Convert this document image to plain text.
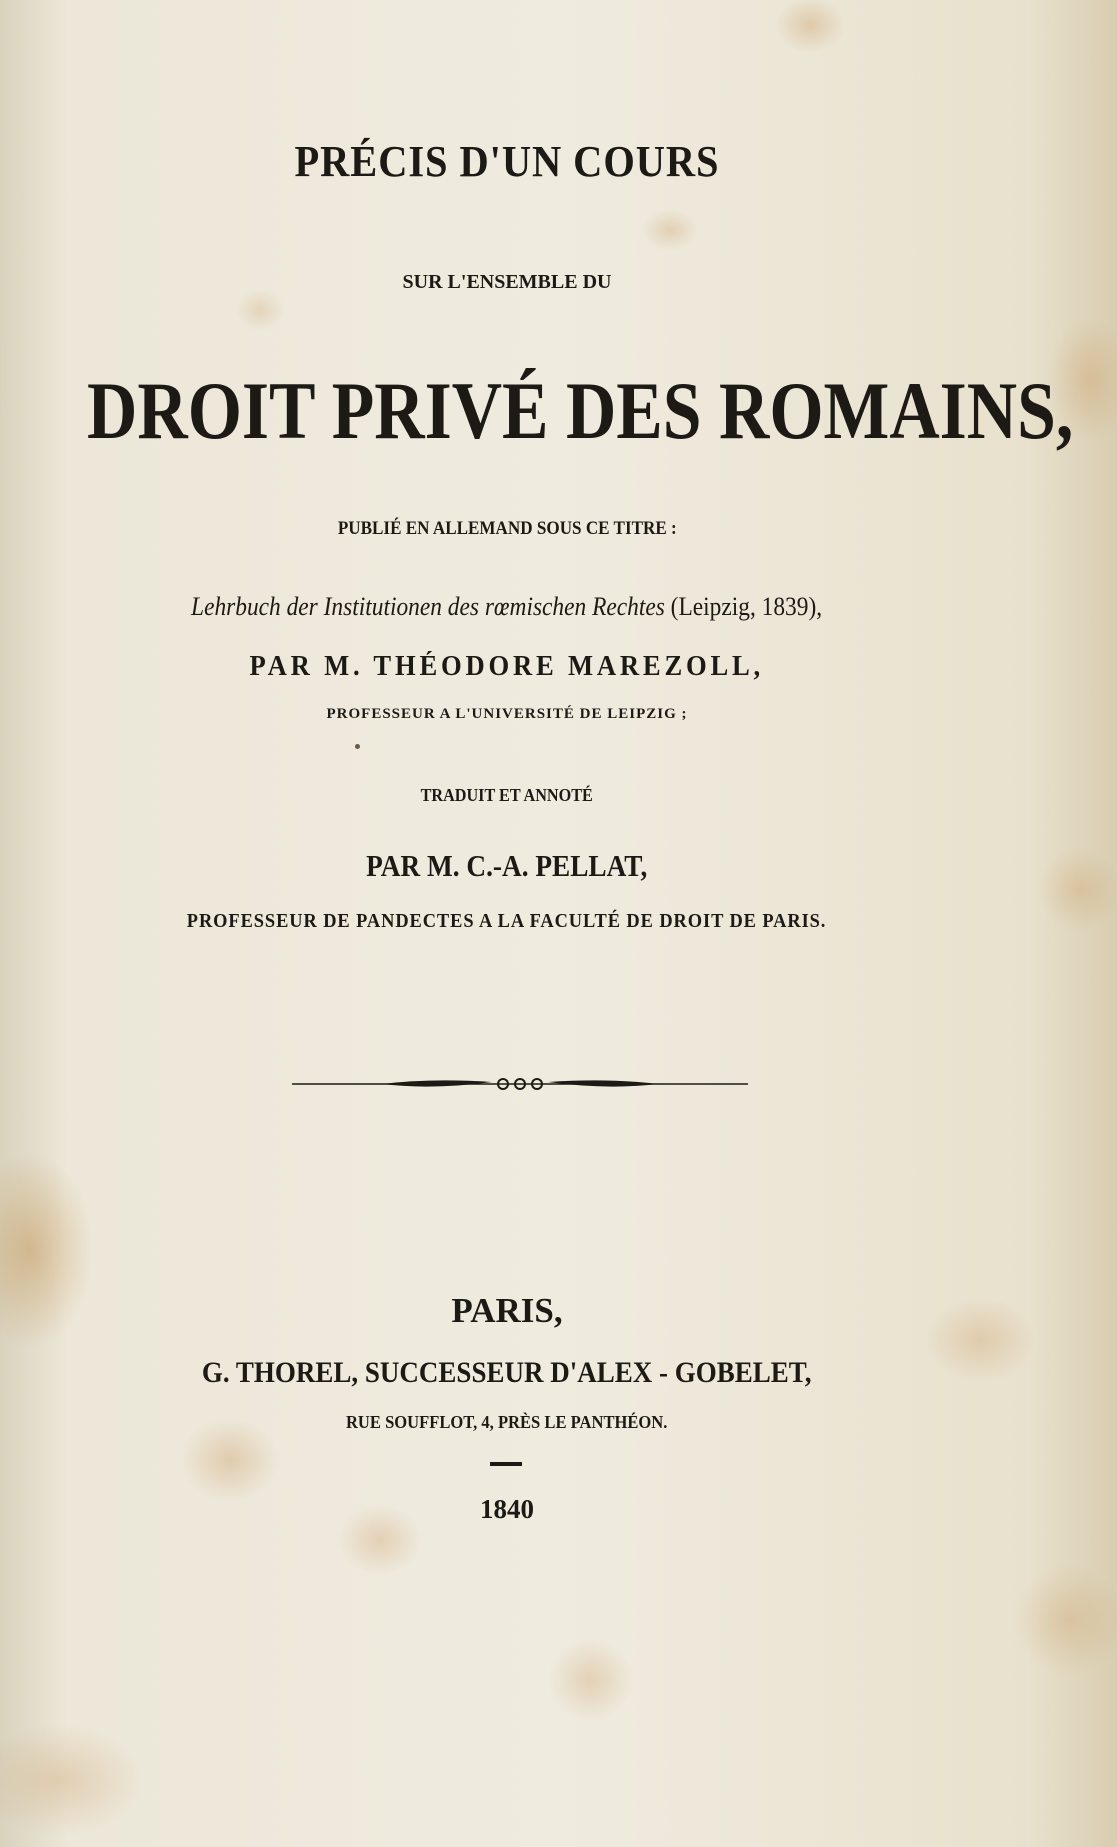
PRÉCIS D'UN COURS
SUR L'ENSEMBLE DU
DROIT PRIVÉ DES ROMAINS,
PUBLIÉ EN ALLEMAND SOUS CE TITRE :
Lehrbuch der Institutionen des rœmischen Rechtes (Leipzig, 1839),
PAR M. THÉODORE MAREZOLL,
PROFESSEUR A L'UNIVERSITÉ DE LEIPZIG ;
TRADUIT ET ANNOTÉ
PAR M. C.-A. PELLAT,
PROFESSEUR DE PANDECTES A LA FACULTÉ DE DROIT DE PARIS.
PARIS,
G. THOREL, SUCCESSEUR D'ALEX - GOBELET,
RUE SOUFFLOT, 4, PRÈS LE PANTHÉON.
1840
